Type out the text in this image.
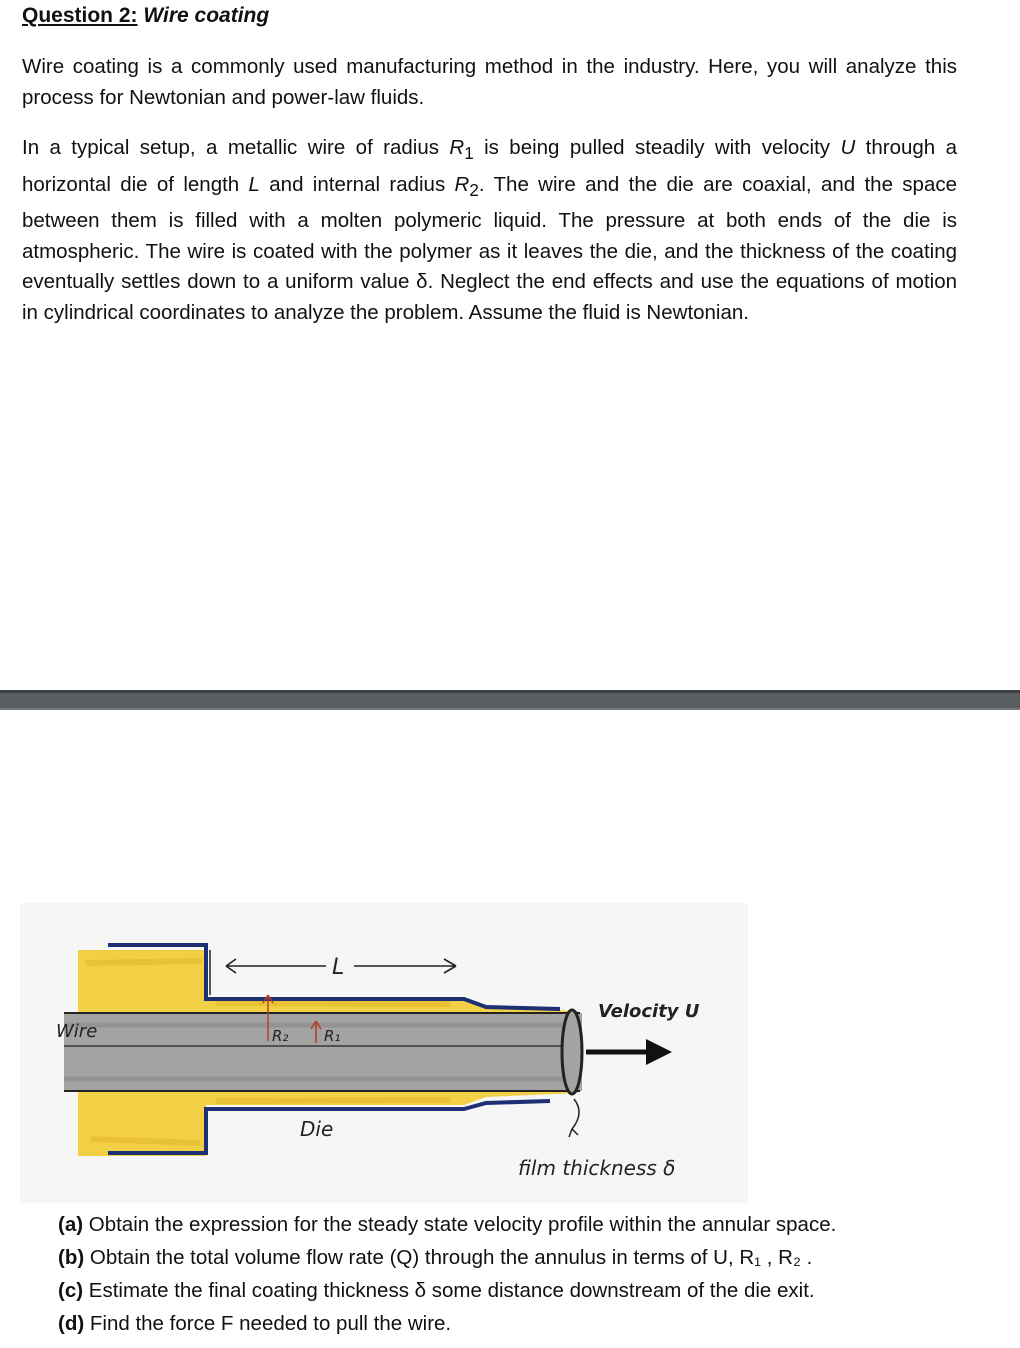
Question 2: Wire coating
Wire coating is a commonly used manufacturing method in the industry. Here, you will analyze this process for Newtonian and power-law fluids.
In a typical setup, a metallic wire of radius $R_1$ is being pulled steadily with velocity U through a horizontal die of length L and internal radius $R_2$. The wire and the die are coaxial, and the space between them is filled with a molten polymeric liquid. The pressure at both ends of the die is atmospheric. The wire is coated with the polymer as it leaves the die, and the thickness of the coating eventually settles down to a uniform value δ. Neglect the end effects and use the equations of motion in cylindrical coordinates to analyze the problem. Assume the fluid is Newtonian.
L
R₂ R₁
Wire
Die
Velocity U
film thickness δ
(a) Obtain the expression for the steady state velocity profile within the annular space.
(b) Obtain the total volume flow rate (Q) through the annulus in terms of U, R₁ , R₂ .
(c) Estimate the final coating thickness δ some distance downstream of the die exit.
(d) Find the force F needed to pull the wire.
